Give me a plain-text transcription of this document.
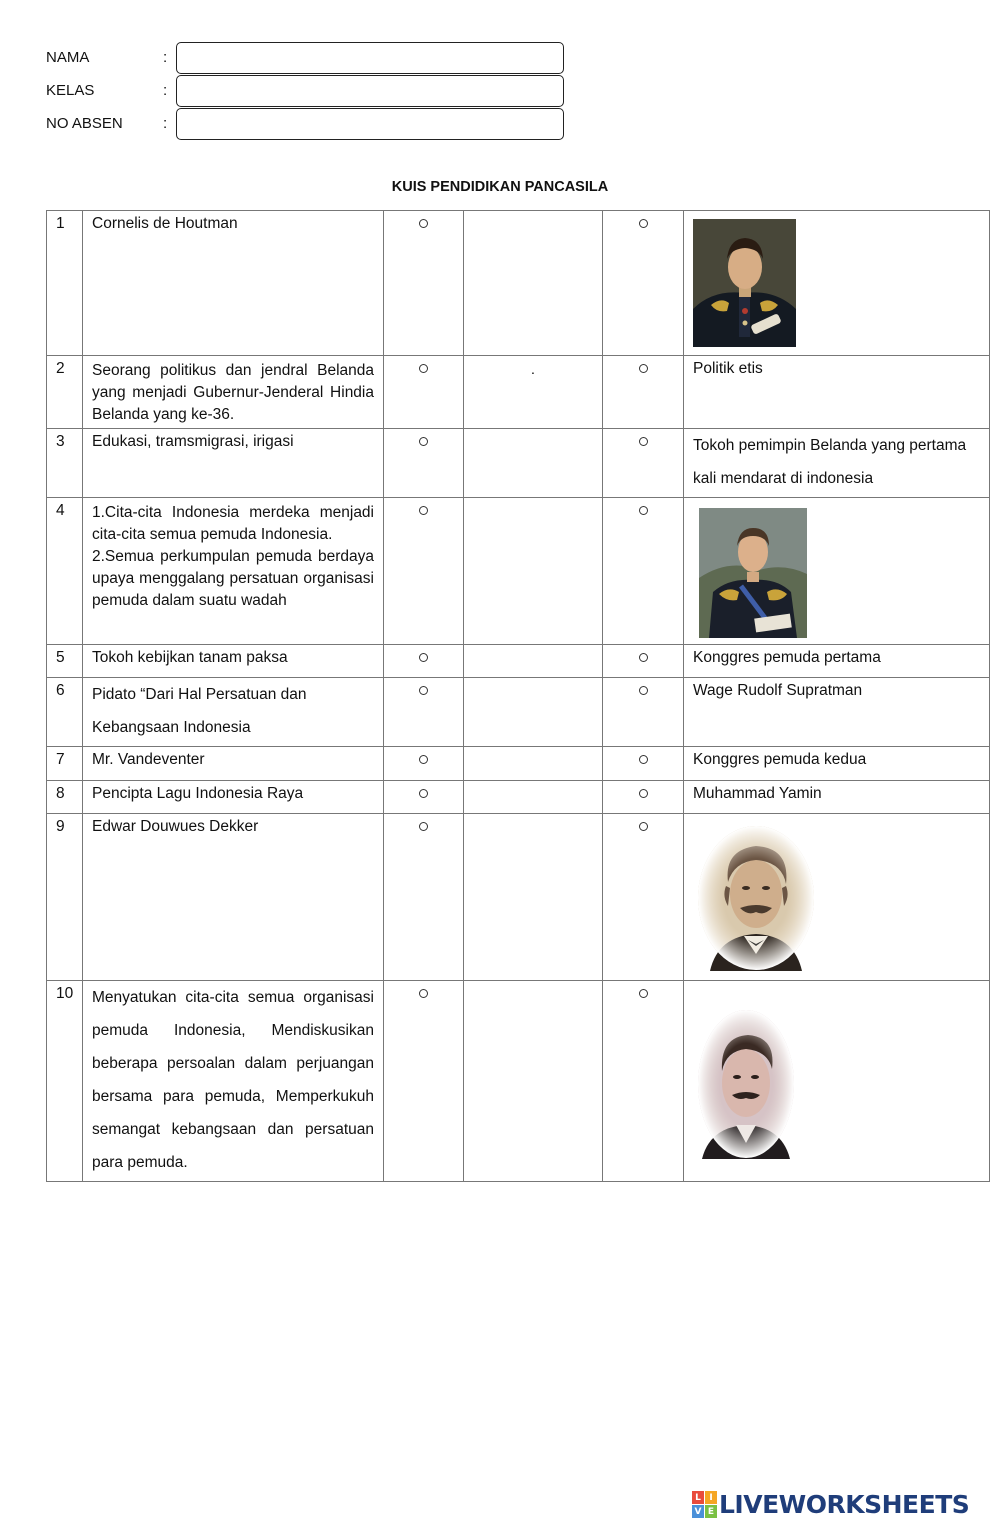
NAMA	:
KELAS	:
NO ABSEN	:
KUIS PENDIDIKAN PANCASILA
1	Cornelis de Houtman				

2	Seorang politikus dan jendral Belanda yang menjadi Gubernur-Jenderal Hindia Belanda yang ke-36.		.		Politik etis
3	Edukasi, tramsmigrasi, irigasi				Tokoh pemimpin Belanda yang pertama kali mendarat di indonesia
4	1.Cita-cita Indonesia merdeka menjadi cita-cita semua pemuda Indonesia.
2.Semua perkumpulan pemuda berdaya upaya menggalang persatuan organisasi pemuda dalam suatu wadah

5	Tokoh kebijkan tanam paksa				Konggres pemuda pertama
6	Pidato “Dari Hal Persatuan dan Kebangsaan Indonesia				Wage Rudolf Supratman
7	Mr. Vandeventer				Konggres pemuda kedua
8	Pencipta Lagu Indonesia Raya				Muhammad Yamin
9	Edwar Douwues Dekker				

10	Menyatukan cita-cita semua organisasi pemuda Indonesia, Mendiskusikan beberapa persoalan dalam perjuangan bersama para pemuda, Memperkukuh semangat kebangsaan dan persatuan para pemuda.				
L I
V E LIVEWORKSHEETS
